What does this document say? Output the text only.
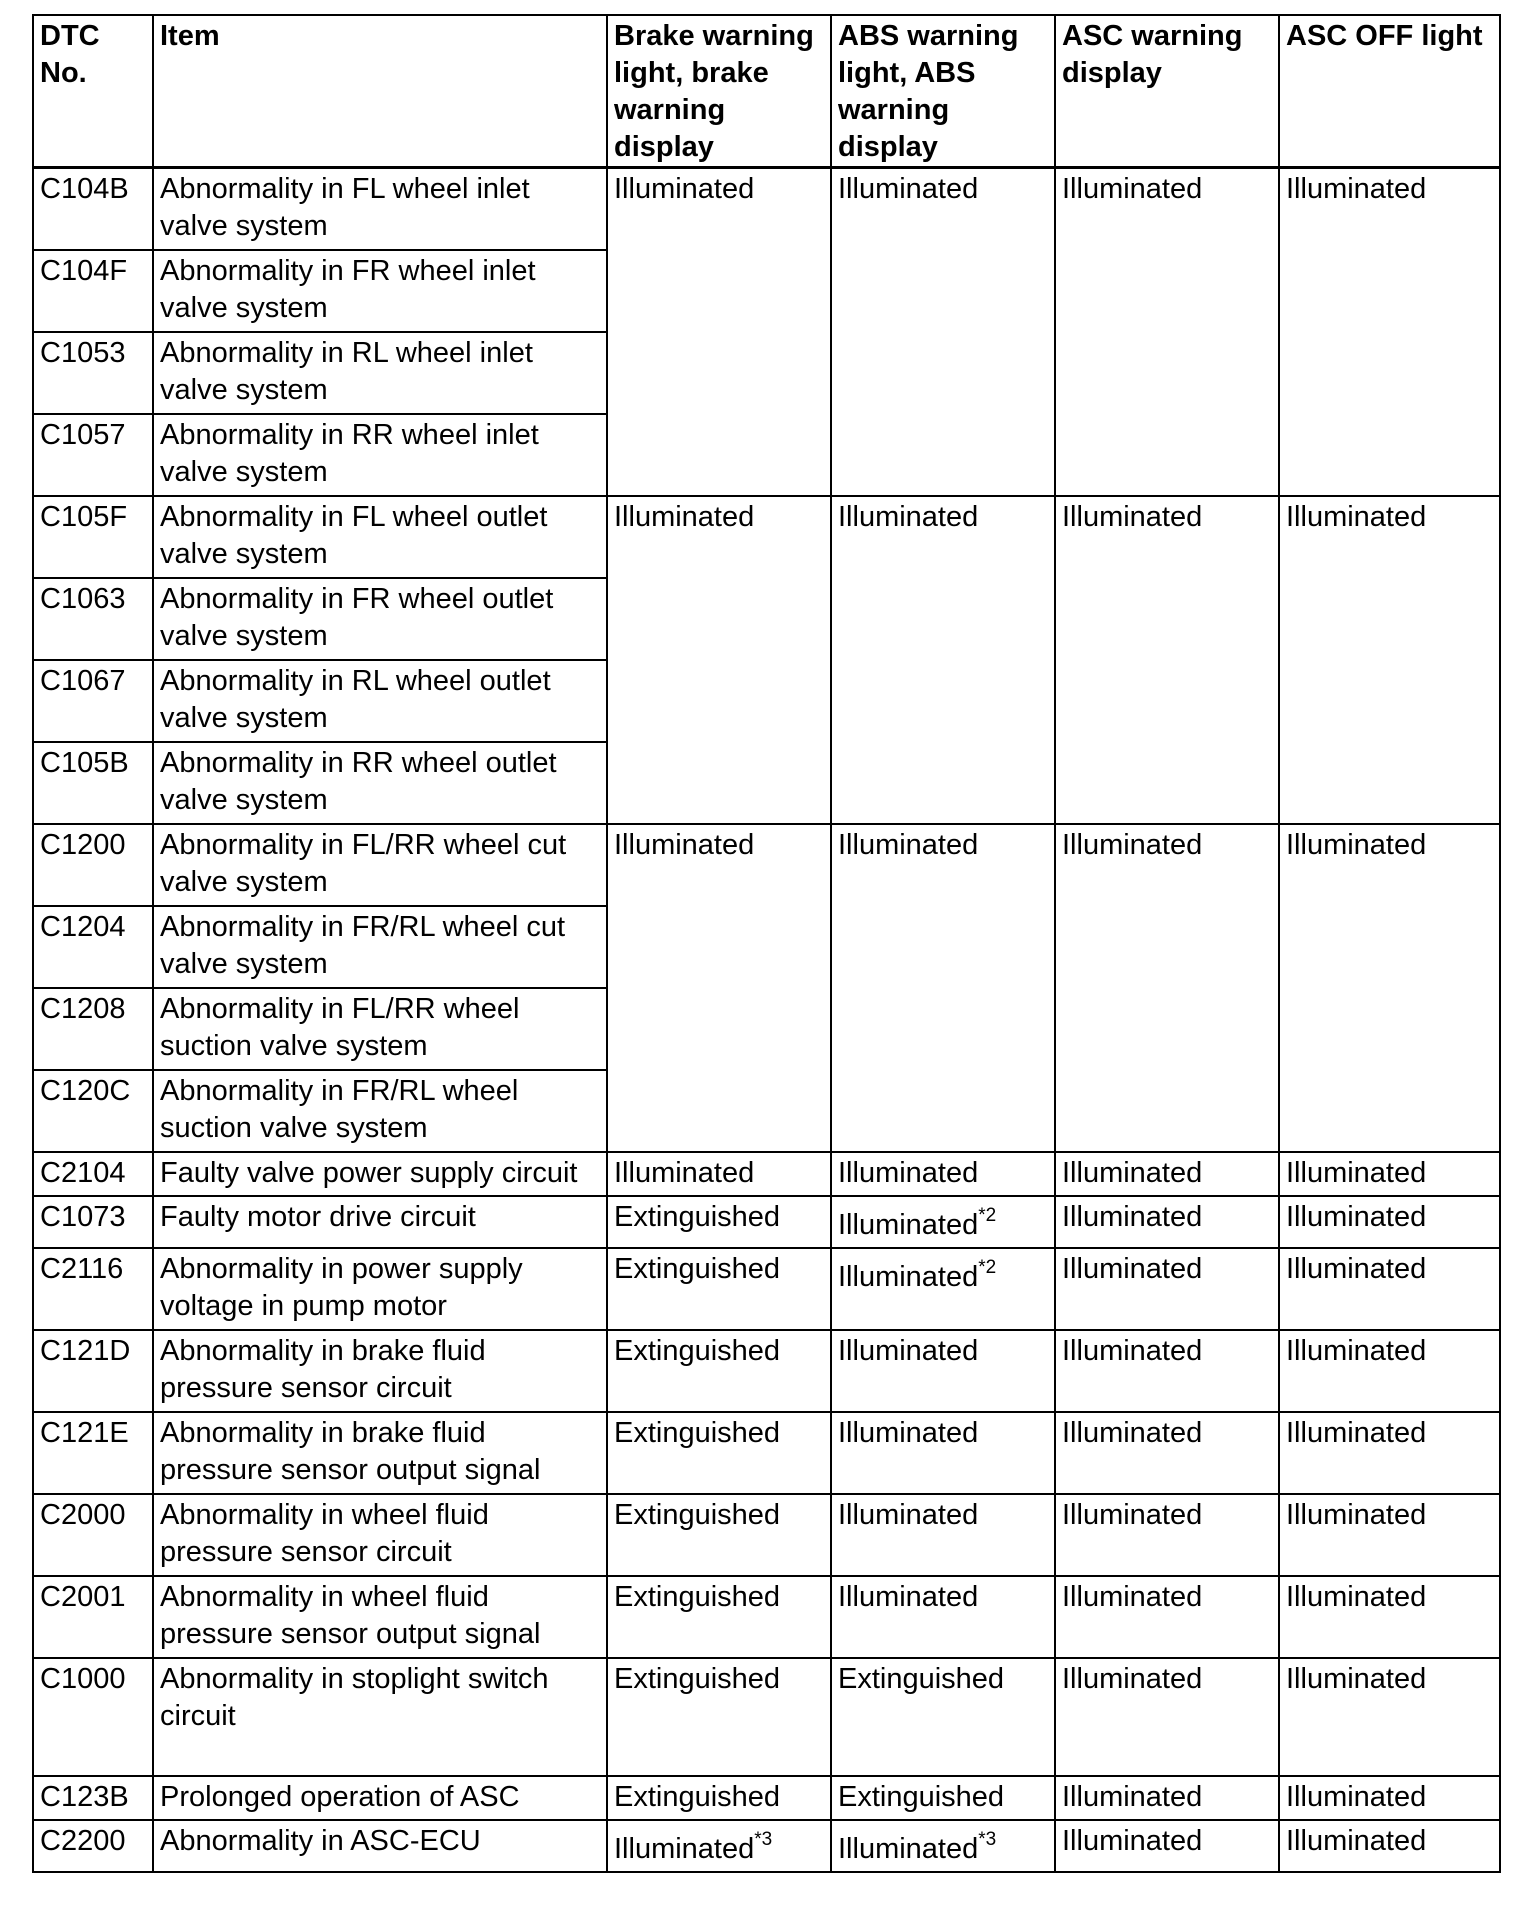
DTC No.	Item	Brake warning light, brake warning display	ABS warning light, ABS warning display	ASC warning display	ASC OFF light
C104B	Abnormality in FL wheel inlet valve system	Illuminated	Illuminated	Illuminated	Illuminated
C104F	Abnormality in FR wheel inlet valve system				
C1053	Abnormality in RL wheel inlet valve system				
C1057	Abnormality in RR wheel inlet valve system				
C105F	Abnormality in FL wheel outlet valve system	Illuminated	Illuminated	Illuminated	Illuminated
C1063	Abnormality in FR wheel outlet valve system				
C1067	Abnormality in RL wheel outlet valve system				
C105B	Abnormality in RR wheel outlet valve system				
C1200	Abnormality in FL/RR wheel cut valve system	Illuminated	Illuminated	Illuminated	Illuminated
C1204	Abnormality in FR/RL wheel cut valve system				
C1208	Abnormality in FL/RR wheel suction valve system				
C120C	Abnormality in FR/RL wheel suction valve system				
C2104	Faulty valve power supply circuit	Illuminated	Illuminated	Illuminated	Illuminated
C1073	Faulty motor drive circuit	Extinguished	Illuminated$^{*2}$	Illuminated	Illuminated
C2116	Abnormality in power supply voltage in pump motor	Extinguished	Illuminated$^{*2}$	Illuminated	Illuminated
C121D	Abnormality in brake fluid pressure sensor circuit	Extinguished	Illuminated	Illuminated	Illuminated
C121E	Abnormality in brake fluid pressure sensor output signal	Extinguished	Illuminated	Illuminated	Illuminated
C2000	Abnormality in wheel fluid pressure sensor circuit	Extinguished	Illuminated	Illuminated	Illuminated
C2001	Abnormality in wheel fluid pressure sensor output signal	Extinguished	Illuminated	Illuminated	Illuminated
C1000	Abnormality in stoplight switch circuit	Extinguished	Extinguished	Illuminated	Illuminated
C123B	Prolonged operation of ASC	Extinguished	Extinguished	Illuminated	Illuminated
C2200	Abnormality in ASC-ECU	Illuminated$^{*3}$	Illuminated$^{*3}$	Illuminated	Illuminated
